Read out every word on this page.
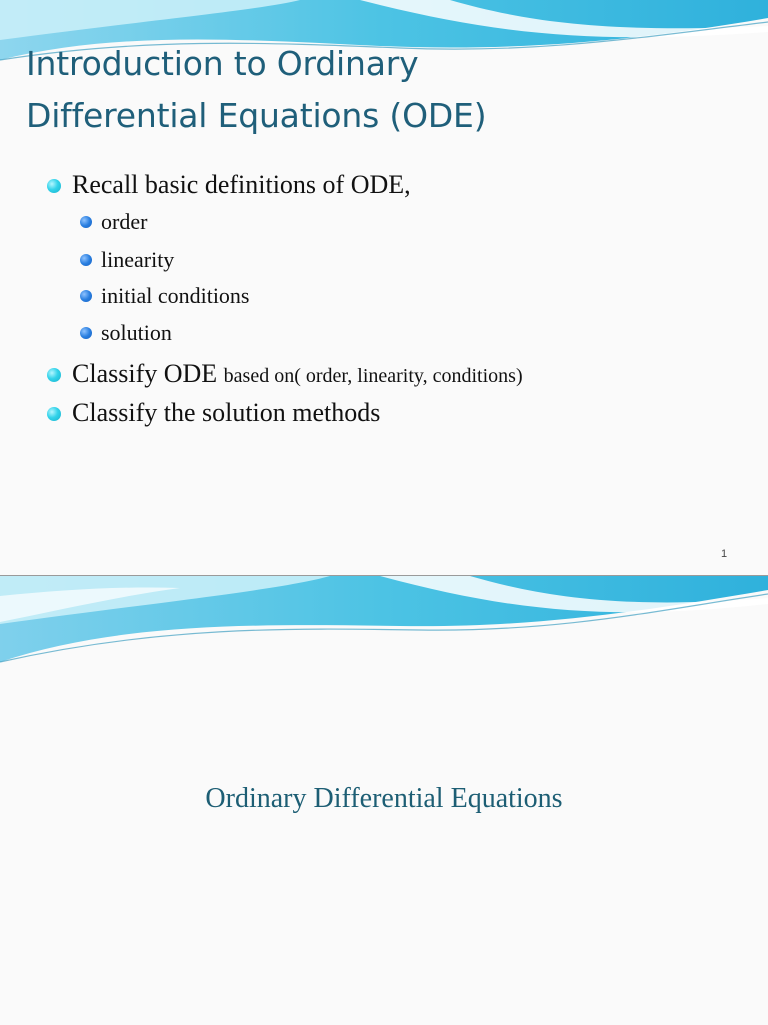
Introduction to Ordinary
Differential Equations (ODE)
Recall basic definitions of ODE,
order
linearity
initial conditions
solution
Classify ODE based on( order, linearity, conditions)
Classify the solution methods
1
Ordinary Differential Equations
